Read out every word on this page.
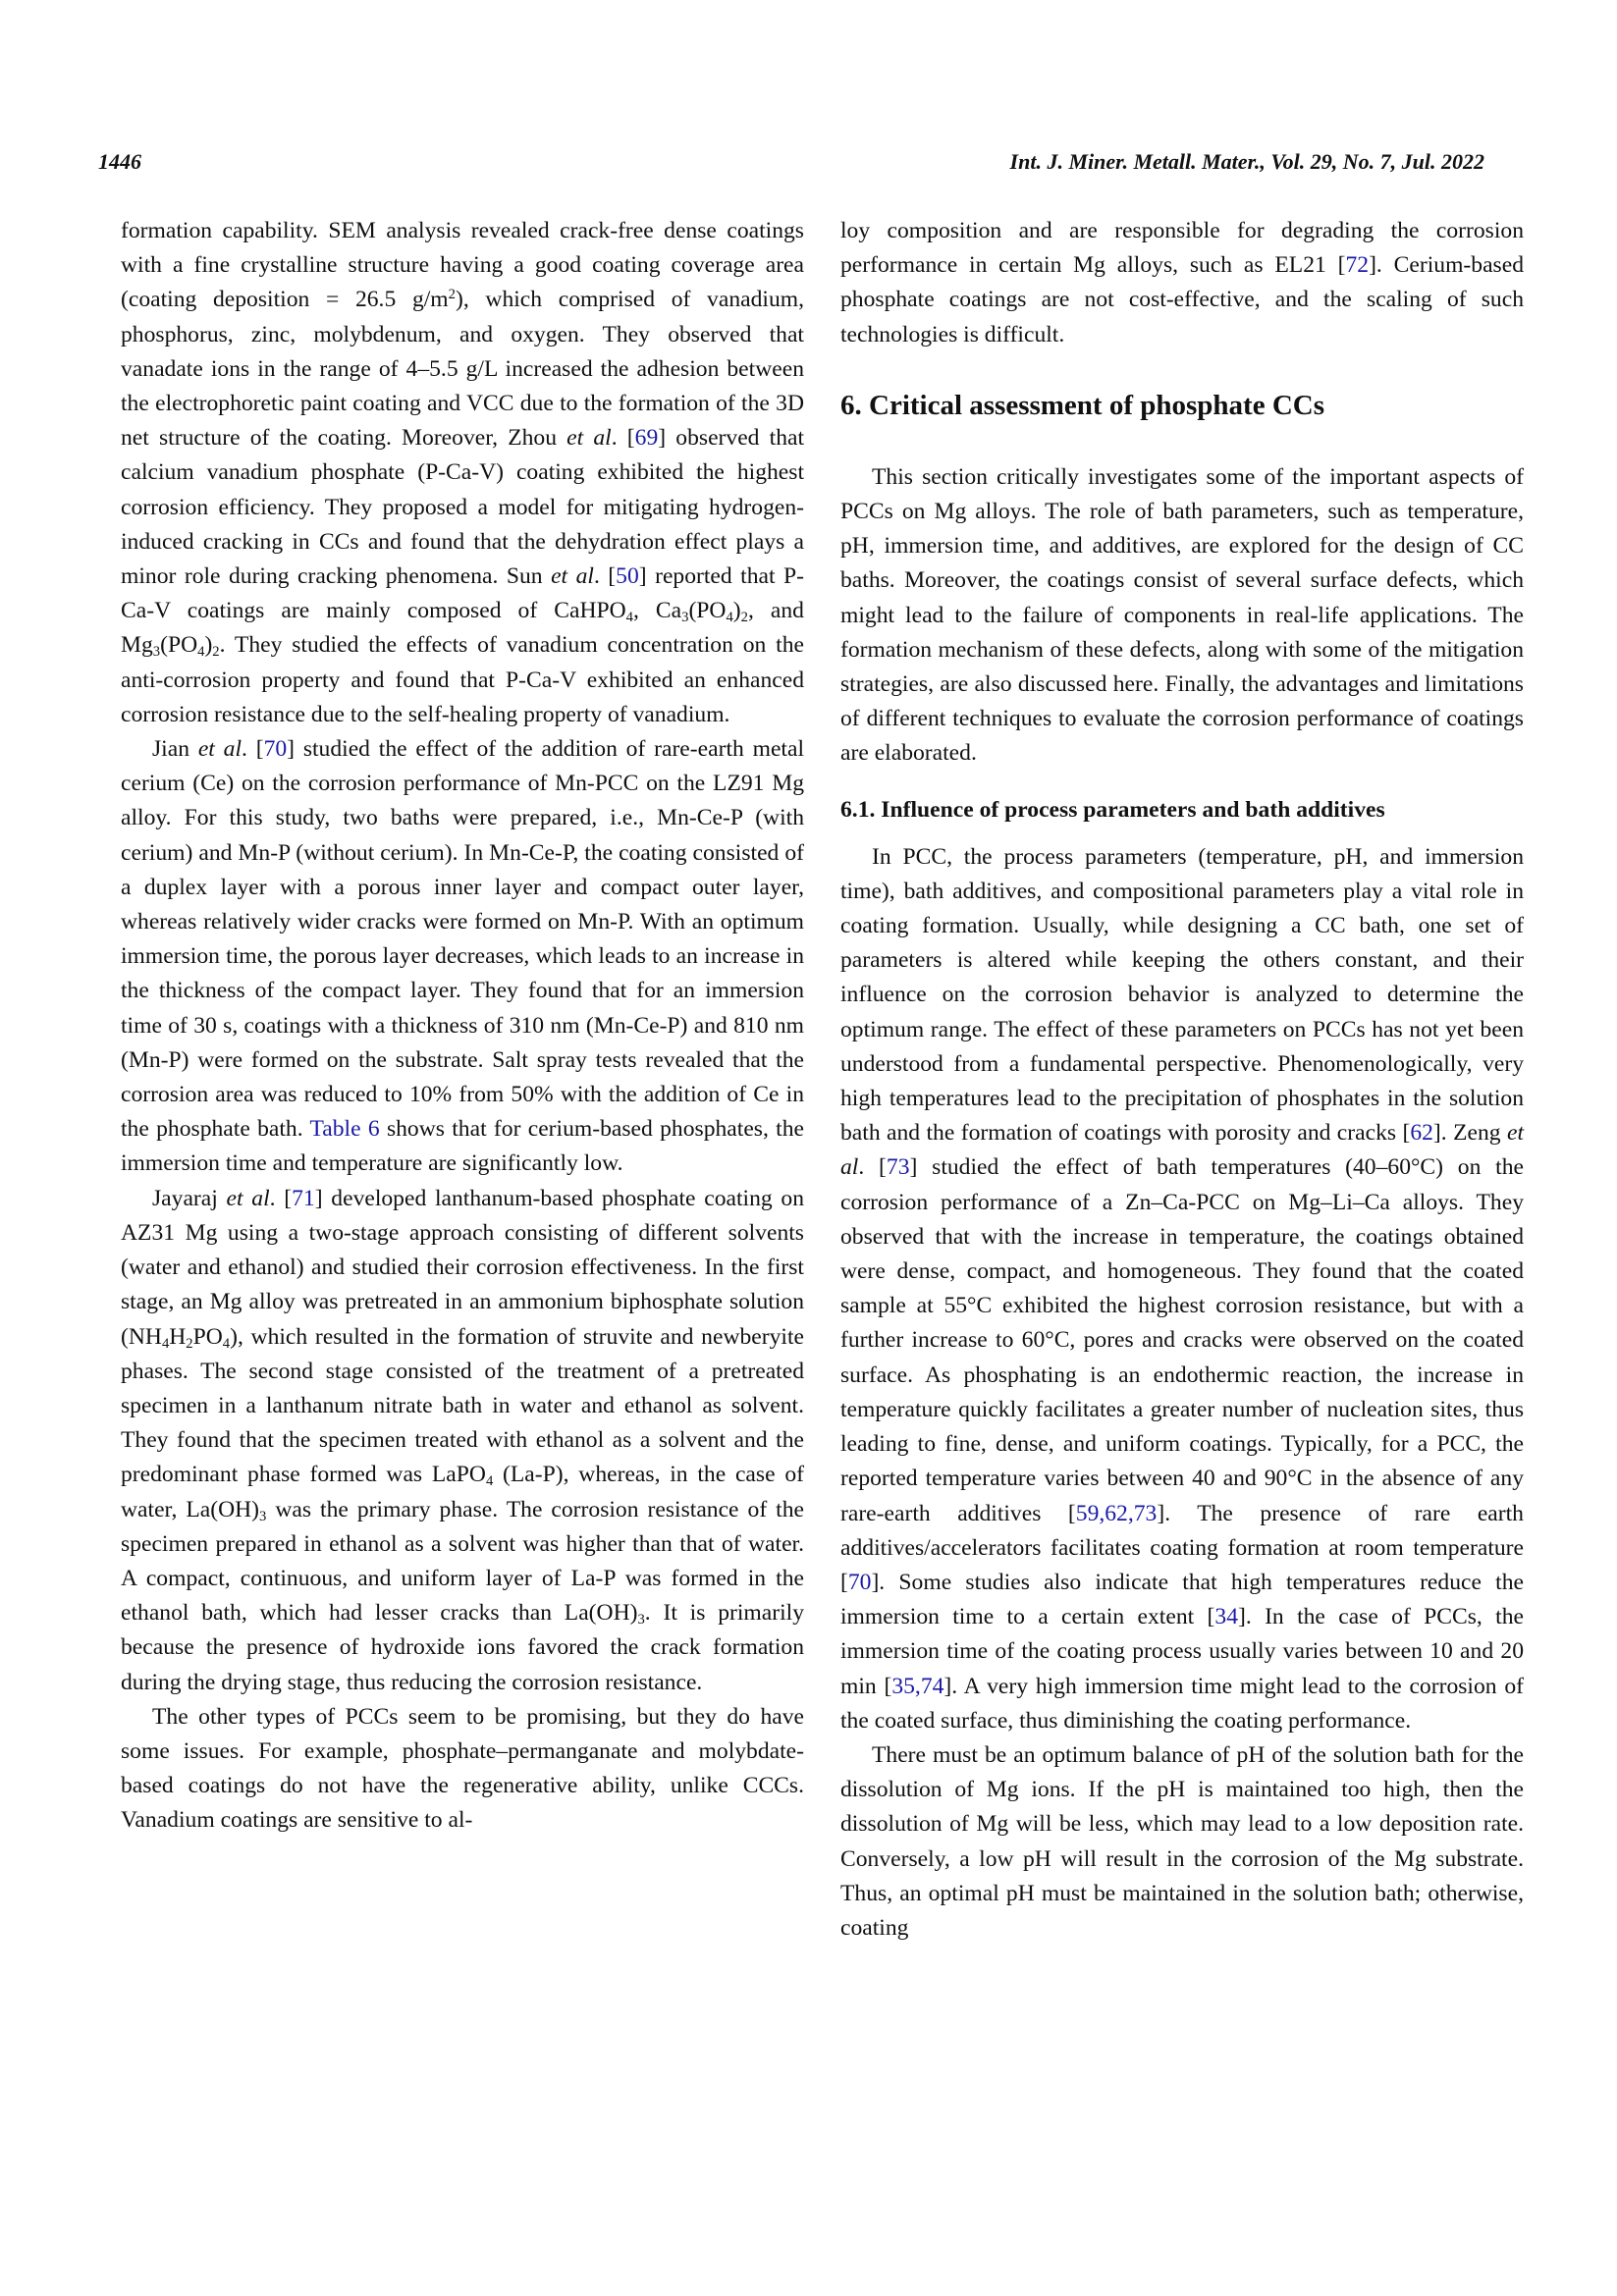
1446	Int. J. Miner. Metall. Mater., Vol. 29, No. 7, Jul. 2022

formation capability. SEM analysis revealed crack-free dense coatings with a fine crystalline structure having a good coating coverage area (coating deposition = 26.5 $g/m^2$), which comprised of vanadium, phosphorus, zinc, molybdenum, and oxygen. They observed that vanadate ions in the range of 4–5.5 g/L increased the adhesion between the electrophoretic paint coating and VCC due to the formation of the 3D net structure of the coating. Moreover, Zhou et al. [69] observed that calcium vanadium phosphate (P-Ca-V) coating exhibited the highest corrosion efficiency. They proposed a model for mitigating hydrogen-induced cracking in CCs and found that the dehydration effect plays a minor role during cracking phenomena. Sun et al. [50] reported that P-Ca-V coatings are mainly composed of CaHPO$_4$, $Ca_3(PO_4)_2$, and $Mg_3(PO_4)_2$. They studied the effects of vanadium concentration on the anti-corrosion property and found that P-Ca-V exhibited an enhanced corrosion resistance due to the self-healing property of vanadium.

Jian et al. [70] studied the effect of the addition of rare-earth metal cerium (Ce) on the corrosion performance of Mn-PCC on the LZ91 Mg alloy. For this study, two baths were prepared, i.e., Mn-Ce-P (with cerium) and Mn-P (without cerium). In Mn-Ce-P, the coating consisted of a duplex layer with a porous inner layer and compact outer layer, whereas relatively wider cracks were formed on Mn-P. With an optimum immersion time, the porous layer decreases, which leads to an increase in the thickness of the compact layer. They found that for an immersion time of 30 s, coatings with a thickness of 310 nm (Mn-Ce-P) and 810 nm (Mn-P) were formed on the substrate. Salt spray tests revealed that the corrosion area was reduced to 10% from 50% with the addition of Ce in the phosphate bath. Table 6 shows that for cerium-based phosphates, the immersion time and temperature are significantly low.

Jayaraj et al. [71] developed lanthanum-based phosphate coating on AZ31 Mg using a two-stage approach consisting of different solvents (water and ethanol) and studied their corrosion effectiveness. In the first stage, an Mg alloy was pretreated in an ammonium biphosphate solution $(NH_4H_2PO_4)$, which resulted in the formation of struvite and newberyite phases. The second stage consisted of the treatment of a pretreated specimen in a lanthanum nitrate bath in water and ethanol as solvent. They found that the specimen treated with ethanol as a solvent and the predominant phase formed was LaPO$_4$ (La-P), whereas, in the case of water, $La(OH)_3$ was the primary phase. The corrosion resistance of the specimen prepared in ethanol as a solvent was higher than that of water. A compact, continuous, and uniform layer of La-P was formed in the ethanol bath, which had lesser cracks than $La(OH)_3$. It is primarily because the presence of hydroxide ions favored the crack formation during the drying stage, thus reducing the corrosion resistance.

The other types of PCCs seem to be promising, but they do have some issues. For example, phosphate–permanganate and molybdate-based coatings do not have the regenerative ability, unlike CCCs. Vanadium coatings are sensitive to al-

loy composition and are responsible for degrading the corrosion performance in certain Mg alloys, such as EL21 [72]. Cerium-based phosphate coatings are not cost-effective, and the scaling of such technologies is difficult.

6. Critical assessment of phosphate CCs

This section critically investigates some of the important aspects of PCCs on Mg alloys. The role of bath parameters, such as temperature, pH, immersion time, and additives, are explored for the design of CC baths. Moreover, the coatings consist of several surface defects, which might lead to the failure of components in real-life applications. The formation mechanism of these defects, along with some of the mitigation strategies, are also discussed here. Finally, the advantages and limitations of different techniques to evaluate the corrosion performance of coatings are elaborated.

6.1. Influence of process parameters and bath additives

In PCC, the process parameters (temperature, pH, and immersion time), bath additives, and compositional parameters play a vital role in coating formation. Usually, while designing a CC bath, one set of parameters is altered while keeping the others constant, and their influence on the corrosion behavior is analyzed to determine the optimum range. The effect of these parameters on PCCs has not yet been understood from a fundamental perspective. Phenomenologically, very high temperatures lead to the precipitation of phosphates in the solution bath and the formation of coatings with porosity and cracks [62]. Zeng et al. [73] studied the effect of bath temperatures (40–60°C) on the corrosion performance of a Zn–Ca-PCC on Mg–Li–Ca alloys. They observed that with the increase in temperature, the coatings obtained were dense, compact, and homogeneous. They found that the coated sample at 55°C exhibited the highest corrosion resistance, but with a further increase to 60°C, pores and cracks were observed on the coated surface. As phosphating is an endothermic reaction, the increase in temperature quickly facilitates a greater number of nucleation sites, thus leading to fine, dense, and uniform coatings. Typically, for a PCC, the reported temperature varies between 40 and 90°C in the absence of any rare-earth additives [59,62,73]. The presence of rare earth additives/accelerators facilitates coating formation at room temperature [70]. Some studies also indicate that high temperatures reduce the immersion time to a certain extent [34]. In the case of PCCs, the immersion time of the coating process usually varies between 10 and 20 min [35,74]. A very high immersion time might lead to the corrosion of the coated surface, thus diminishing the coating performance.

There must be an optimum balance of pH of the solution bath for the dissolution of Mg ions. If the pH is maintained too high, then the dissolution of Mg will be less, which may lead to a low deposition rate. Conversely, a low pH will result in the corrosion of the Mg substrate. Thus, an optimal pH must be maintained in the solution bath; otherwise, coating
